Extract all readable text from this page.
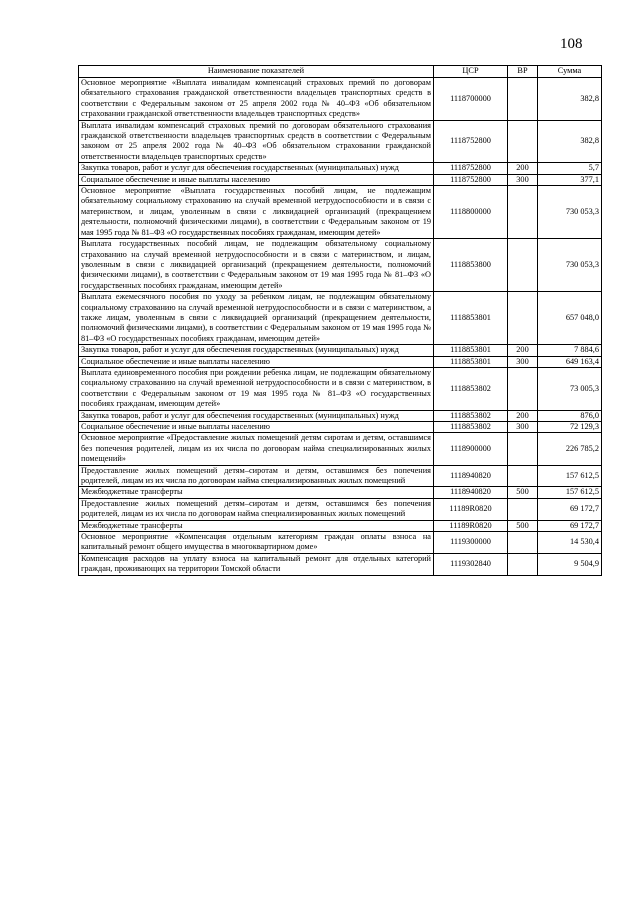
108
Наименование показателей	ЦСР	ВР	Сумма
Основное мероприятие «Выплата инвалидам компенсаций страховых премий по договорам обязательного страхования гражданской ответственности владельцев транспортных средств в соответствии с Федеральным законом от 25 апреля 2002 года № 40–ФЗ «Об обязательном страховании гражданской ответственности владельцев транспортных средств»	1118700000		382,8
Выплата инвалидам компенсаций страховых премий по договорам обязательного страхования гражданской ответственности владельцев транспортных средств в соответствии с Федеральным законом от 25 апреля 2002 года № 40–ФЗ «Об обязательном страховании гражданской ответственности владельцев транспортных средств»	1118752800		382,8
Закупка товаров, работ и услуг для обеспечения государственных (муниципальных) нужд	1118752800	200	5,7
Социальное обеспечение и иные выплаты населению	1118752800	300	377,1
Основное мероприятие «Выплата государственных пособий лицам, не подлежащим обязательному социальному страхованию на случай временной нетрудоспособности и в связи с материнством, и лицам, уволенным в связи с ликвидацией организаций (прекращением деятельности, полномочий физическими лицами), в соответствии с Федеральным законом от 19 мая 1995 года № 81–ФЗ «О государственных пособиях гражданам, имеющим детей»	1118800000		730 053,3
Выплата государственных пособий лицам, не подлежащим обязательному социальному страхованию на случай временной нетрудоспособности и в связи с материнством, и лицам, уволенным в связи с ликвидацией организаций (прекращением деятельности, полномочий физическими лицами), в соответствии с Федеральным законом от 19 мая 1995 года № 81–ФЗ «О государственных пособиях гражданам, имеющим детей»	1118853800		730 053,3
Выплата ежемесячного пособия по уходу за ребенком лицам, не подлежащим обязательному социальному страхованию на случай временной нетрудоспособности и в связи с материнством, а также лицам, уволенным в связи с ликвидацией организаций (прекращением деятельности, полномочий физическими лицами), в соответствии с Федеральным законом от 19 мая 1995 года № 81–ФЗ «О государственных пособиях гражданам, имеющим детей»	1118853801		657 048,0
Закупка товаров, работ и услуг для обеспечения государственных (муниципальных) нужд	1118853801	200	7 884,6
Социальное обеспечение и иные выплаты населению	1118853801	300	649 163,4
Выплата единовременного пособия при рождении ребенка лицам, не подлежащим обязательному социальному страхованию на случай временной нетрудоспособности и в связи с материнством, в соответствии с Федеральным законом от 19 мая 1995 года № 81–ФЗ «О государственных пособиях гражданам, имеющим детей»	1118853802		73 005,3
Закупка товаров, работ и услуг для обеспечения государственных (муниципальных) нужд	1118853802	200	876,0
Социальное обеспечение и иные выплаты населению	1118853802	300	72 129,3
Основное мероприятие «Предоставление жилых помещений детям сиротам и детям, оставшимся без попечения родителей, лицам из их числа по договорам найма специализированных жилых помещений»	1118900000		226 785,2
Предоставление жилых помещений детям–сиротам и детям, оставшимся без попечения родителей, лицам из их числа по договорам найма специализированных жилых помещений	1118940820		157 612,5
Межбюджетные трансферты	1118940820	500	157 612,5
Предоставление жилых помещений детям–сиротам и детям, оставшимся без попечения родителей, лицам из их числа по договорам найма специализированных жилых помещений	11189R0820		69 172,7
Межбюджетные трансферты	11189R0820	500	69 172,7
Основное мероприятие «Компенсация отдельным категориям граждан оплаты взноса на капитальный ремонт общего имущества в многоквартирном доме»	1119300000		14 530,4
Компенсация расходов на уплату взноса на капитальный ремонт для отдельных категорий граждан, проживающих на территории Томской области	1119302840		9 504,9
